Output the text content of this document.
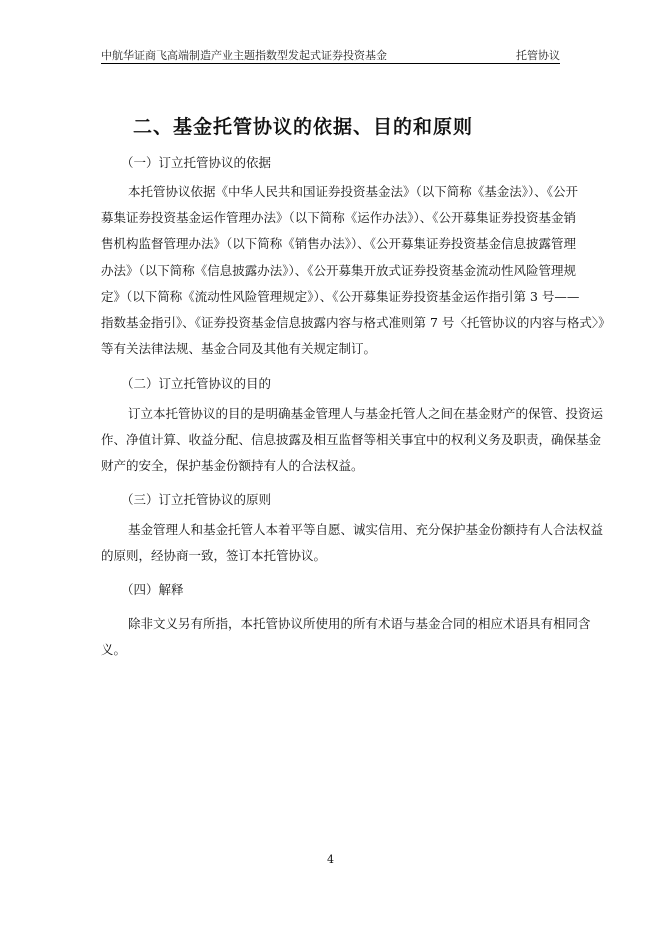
中航华证商飞高端制造产业主题指数型发起式证券投资基金	托管协议
二、基金托管协议的依据、目的和原则
（一）订立托管协议的依据
本托管协议依据《中华人民共和国证券投资基金法》（以下简称《基金法》）、《公开
募集证券投资基金运作管理办法》（以下简称《运作办法》）、《公开募集证券投资基金销
售机构监督管理办法》（以下简称《销售办法》）、《公开募集证券投资基金信息披露管理
办法》（以下简称《信息披露办法》）、《公开募集开放式证券投资基金流动性风险管理规
定》（以下简称《流动性风险管理规定》）、《公开募集证券投资基金运作指引第 3 号——
指数基金指引》、《证券投资基金信息披露内容与格式准则第 7 号〈托管协议的内容与格式〉》
等有关法律法规、基金合同及其他有关规定制订。
（二）订立托管协议的目的
订立本托管协议的目的是明确基金管理人与基金托管人之间在基金财产的保管、投资运
作、净值计算、收益分配、信息披露及相互监督等相关事宜中的权利义务及职责，确保基金
财产的安全，保护基金份额持有人的合法权益。
（三）订立托管协议的原则
基金管理人和基金托管人本着平等自愿、诚实信用、充分保护基金份额持有人合法权益
的原则，经协商一致，签订本托管协议。
（四）解释
除非文义另有所指，本托管协议所使用的所有术语与基金合同的相应术语具有相同含
义。
4
